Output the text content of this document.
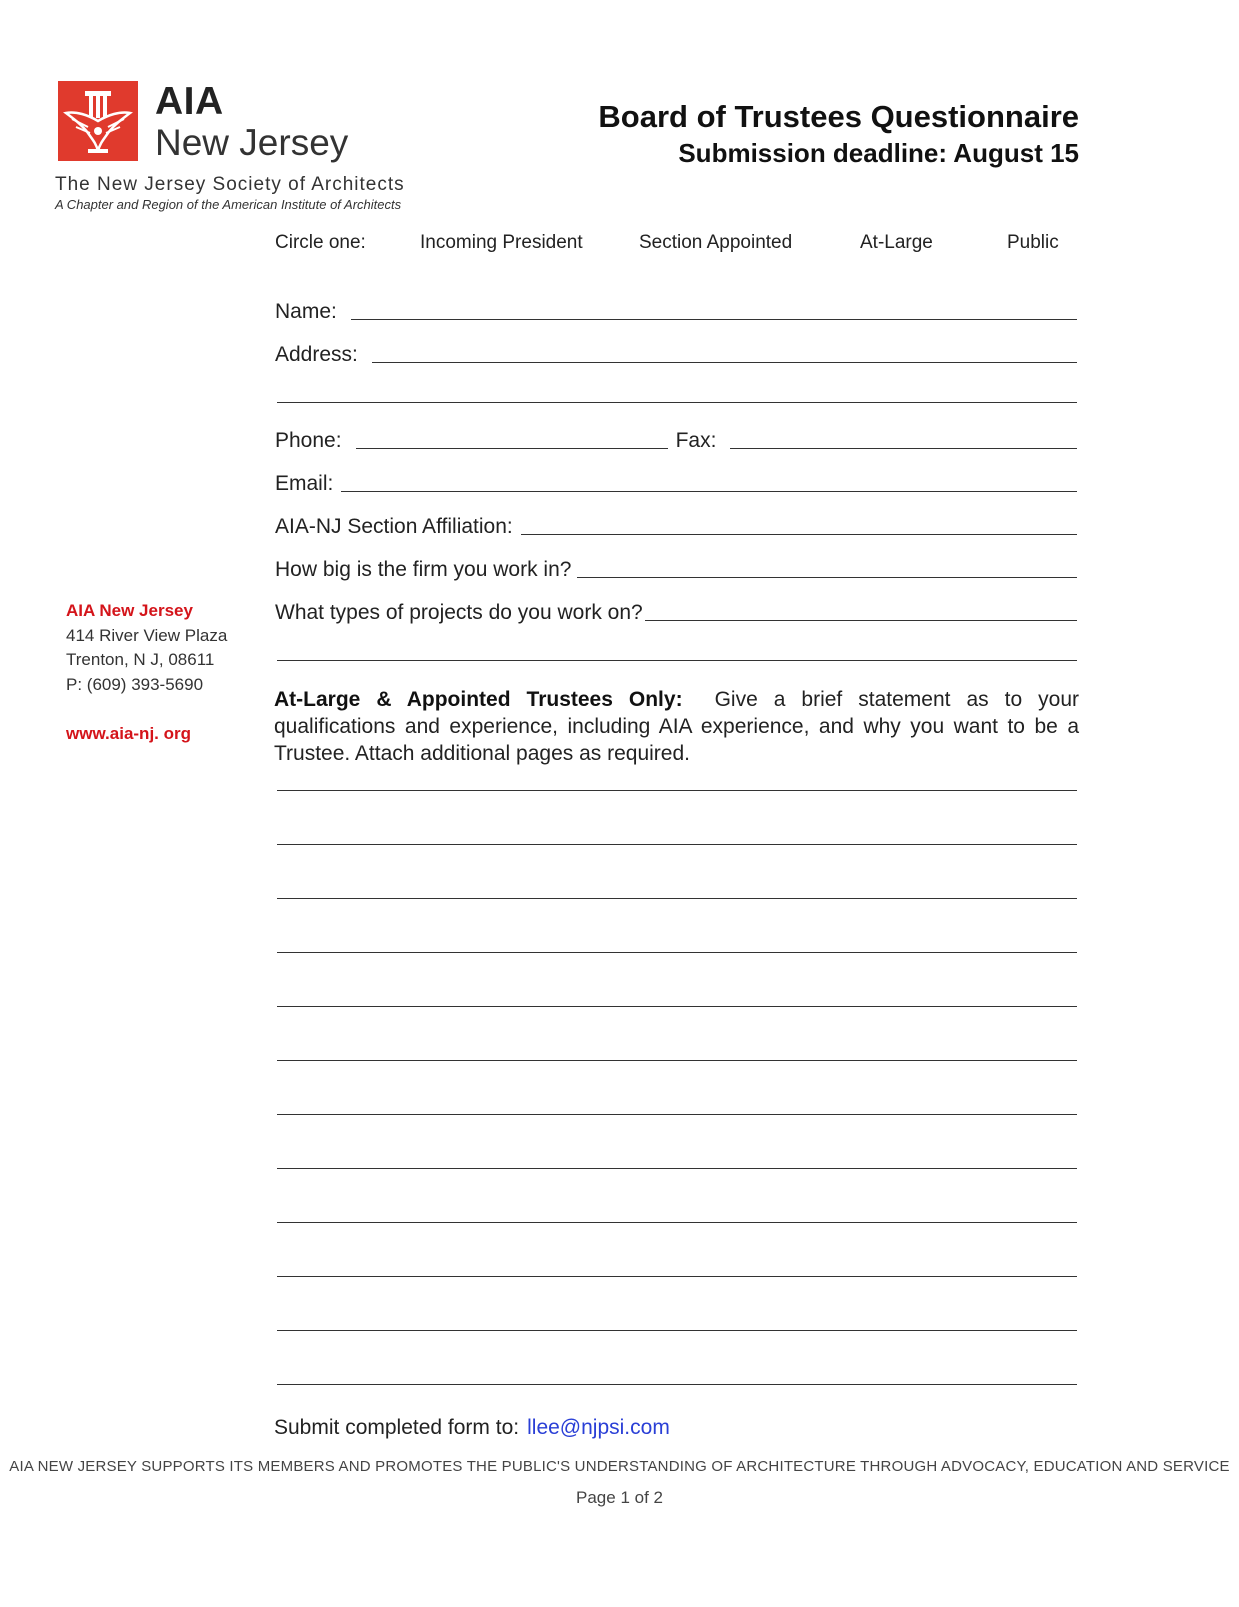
AIA
New Jersey
The New Jersey Society of Architects
A Chapter and Region of the American Institute of Architects
Board of Trustees Questionnaire
Submission deadline: August 15
Circle one:	Incoming President	Section Appointed	At-Large	Public
Name:
Address:
Phone:	Fax:
Email:
AIA-NJ Section Affiliation:
How big is the firm you work in?
What types of projects do you work on?
AIA New Jersey
414 River View Plaza
Trenton, N J, 08611
P: (609) 393-5690
www.aia-nj. org
At-Large & Appointed Trustees Only: Give a brief statement as to your qualifications and experience, including AIA experience, and why you want to be a Trustee. Attach additional pages as required.
Submit completed form to: llee@njpsi.com
AIA NEW JERSEY SUPPORTS ITS MEMBERS AND PROMOTES THE PUBLIC'S UNDERSTANDING OF ARCHITECTURE THROUGH ADVOCACY, EDUCATION AND SERVICE
Page 1 of 2
